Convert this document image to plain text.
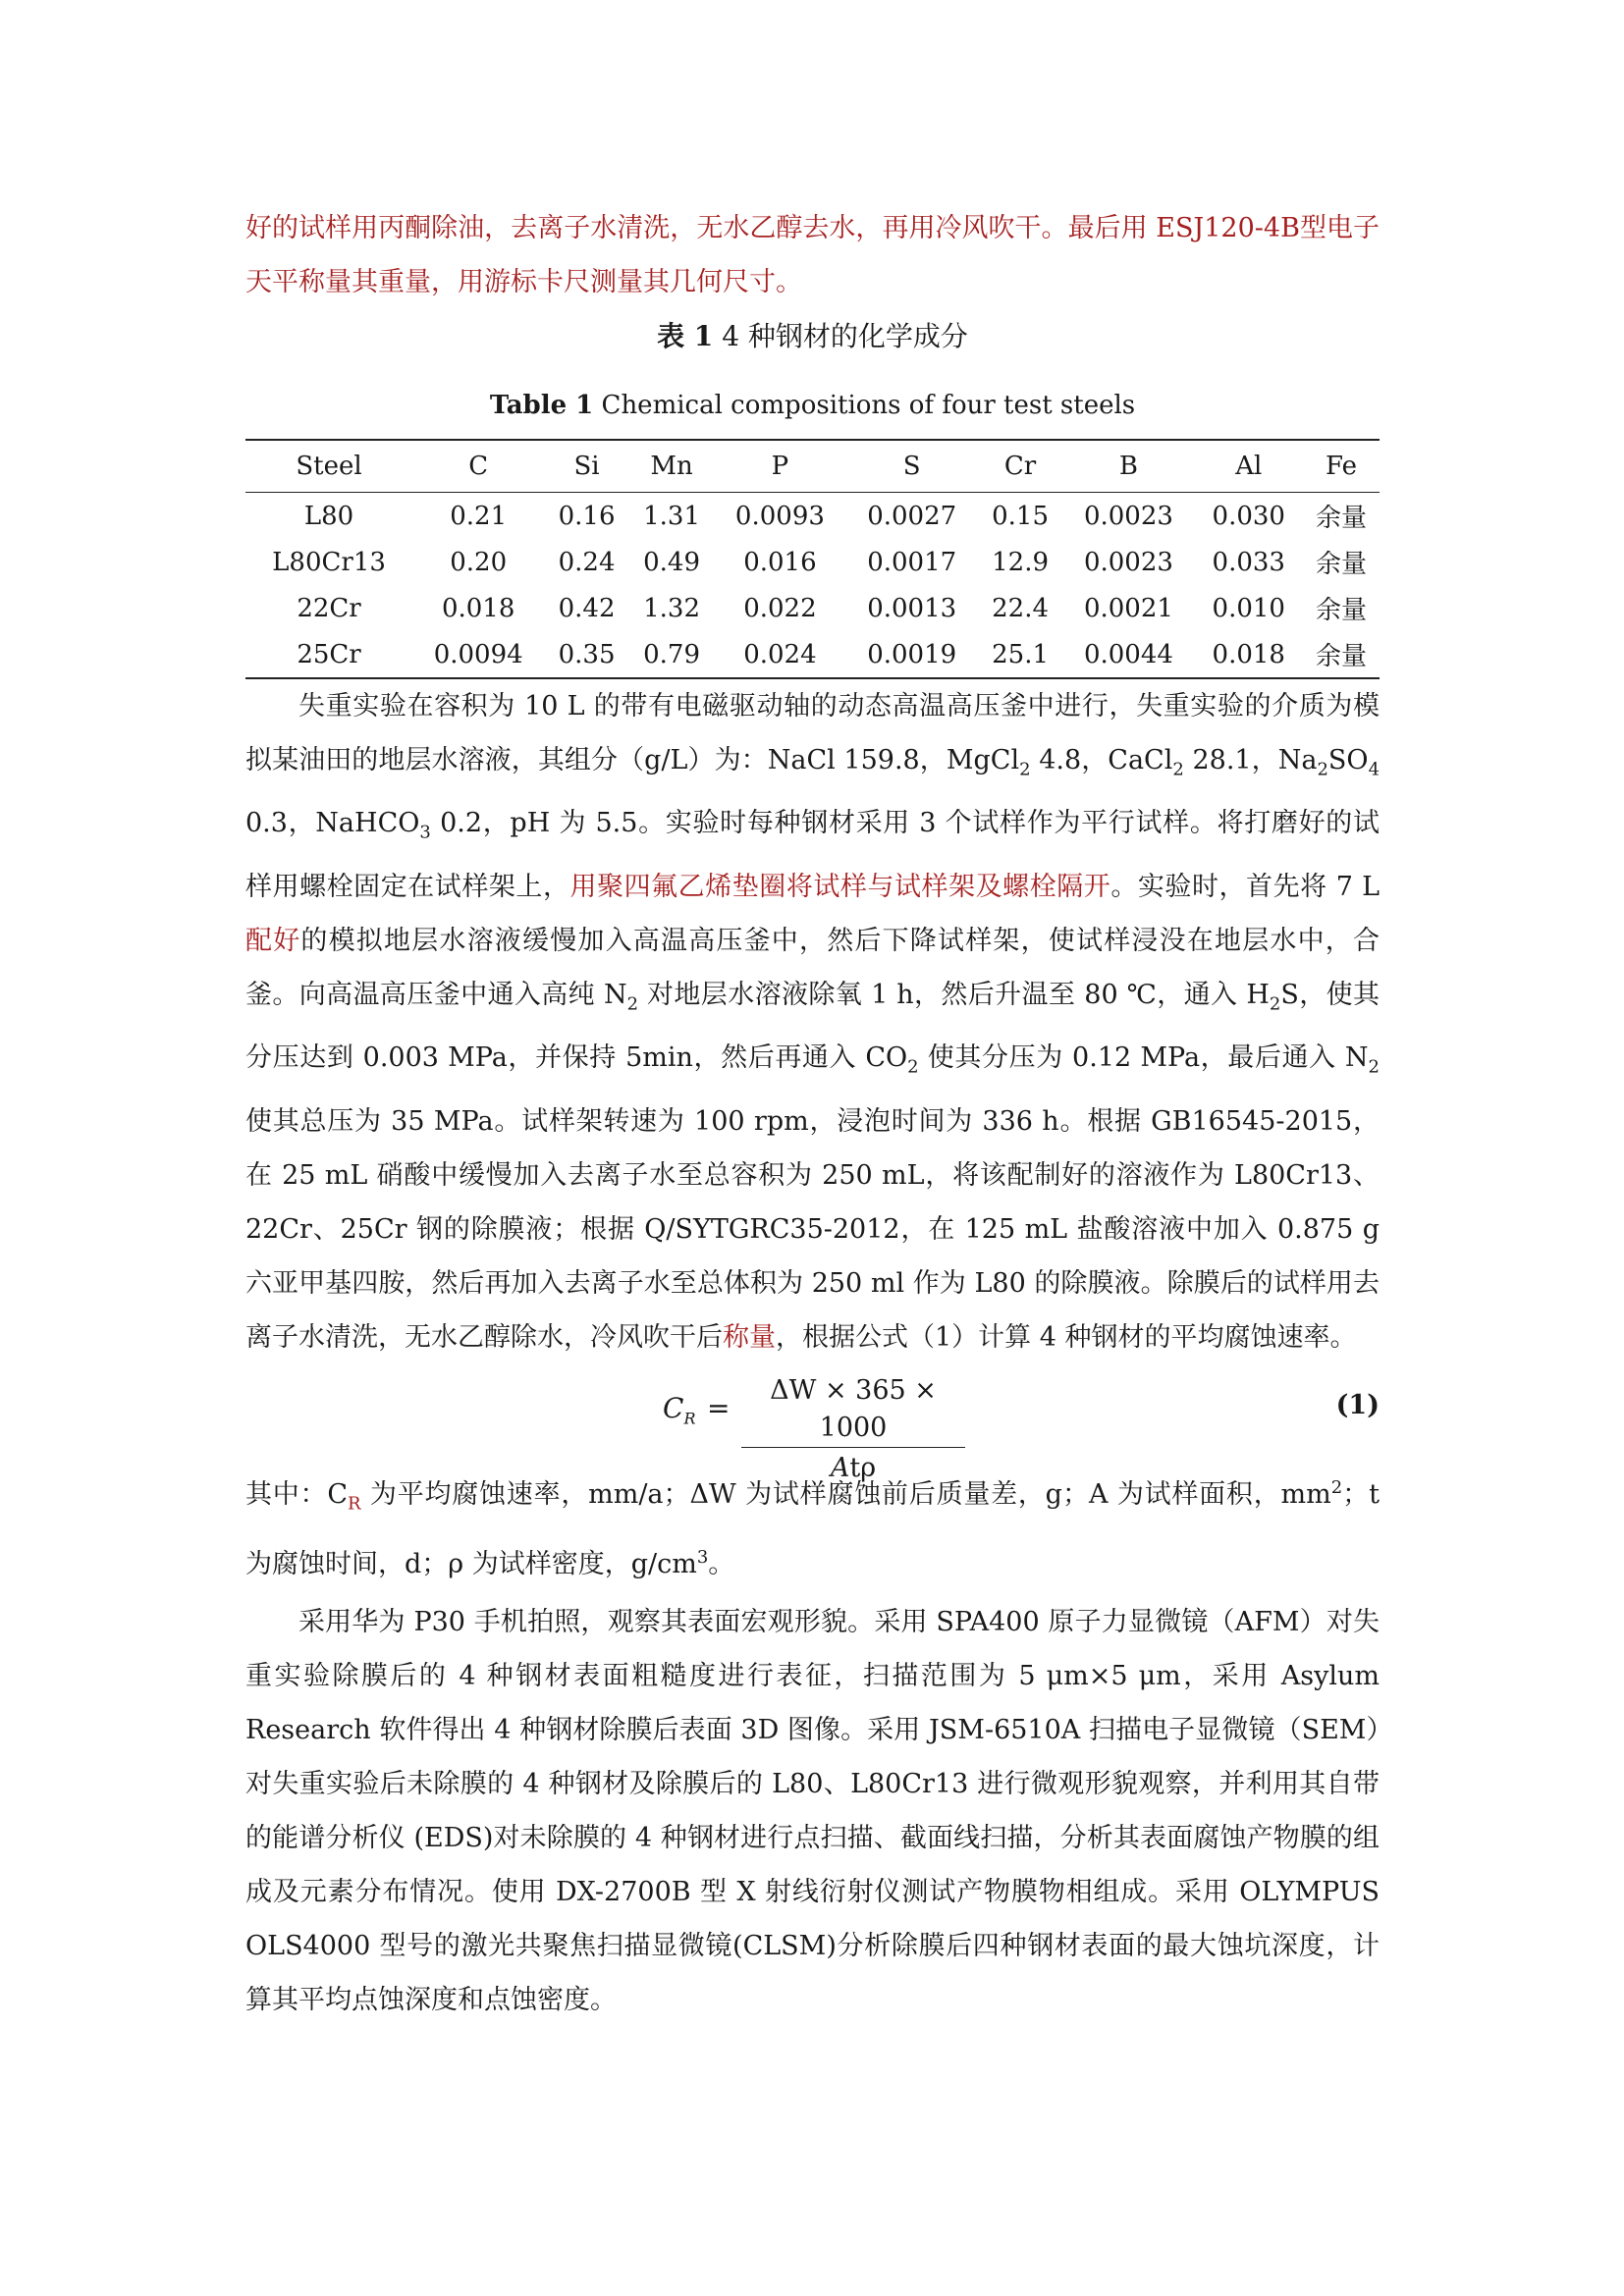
好的试样用丙酮除油，去离子水清洗，无水乙醇去水，再用冷风吹干。最后用 ESJ120-4B型电子天平称量其重量，用游标卡尺测量其几何尺寸。

表 1 4 种钢材的化学成分
Table 1 Chemical compositions of four test steels
Steel	C	Si	Mn	P	S	Cr	B	Al	Fe
L80	0.21	0.16	1.31	0.0093	0.0027	0.15	0.0023	0.030	余量
L80Cr13	0.20	0.24	0.49	0.016	0.0017	12.9	0.0023	0.033	余量
22Cr	0.018	0.42	1.32	0.022	0.0013	22.4	0.0021	0.010	余量
25Cr	0.0094	0.35	0.79	0.024	0.0019	25.1	0.0044	0.018	余量

失重实验在容积为 10 L 的带有电磁驱动轴的动态高温高压釜中进行，失重实验的介质为模拟某油田的地层水溶液，其组分（g/L）为：NaCl 159.8，MgCl$_2$ 4.8，CaCl$_2$ 28.1，$Na_2SO_4$ 0.3，NaHCO$_3$ 0.2，pH 为 5.5。实验时每种钢材采用 3 个试样作为平行试样。将打磨好的试样用螺栓固定在试样架上，用聚四氟乙烯垫圈将试样与试样架及螺栓隔开。实验时，首先将 7 L 配好的模拟地层水溶液缓慢加入高温高压釜中，然后下降试样架，使试样浸没在地层水中，合釜。向高温高压釜中通入高纯 $N_2$ 对地层水溶液除氧 1 h，然后升温至 80 ℃，通入 $H_2S$，使其分压达到 0.003 MPa，并保持 5min，然后再通入 $CO_2$ 使其分压为 0.12 MPa，最后通入 $N_2$ 使其总压为 35 MPa。试样架转速为 100 rpm，浸泡时间为 336 h。根据 GB16545-2015，在 25 mL 硝酸中缓慢加入去离子水至总容积为 250 mL，将该配制好的溶液作为 L80Cr13、22Cr、25Cr 钢的除膜液；根据 Q/SYTGRC35-2012，在 125 mL 盐酸溶液中加入 0.875 g 六亚甲基四胺，然后再加入去离子水至总体积为 250 ml 作为 L80 的除膜液。除膜后的试样用去离子水清洗，无水乙醇除水，冷风吹干后称量，根据公式（1）计算 4 种钢材的平均腐蚀速率。

$C_R$ =
ΔW × 365 × 1000
Atρ
(1)

其中：$C_R$ 为平均腐蚀速率，mm/a；ΔW 为试样腐蚀前后质量差，g；A 为试样面积，$mm^2$；t 为腐蚀时间，d；ρ 为试样密度，$g/cm^3$。

采用华为 P30 手机拍照，观察其表面宏观形貌。采用 SPA400 原子力显微镜（AFM）对失重实验除膜后的 4 种钢材表面粗糙度进行表征，扫描范围为 5 μm×5 μm，采用 Asylum Research 软件得出 4 种钢材除膜后表面 3D 图像。采用 JSM-6510A 扫描电子显微镜（SEM）对失重实验后未除膜的 4 种钢材及除膜后的 L80、L80Cr13 进行微观形貌观察，并利用其自带的能谱分析仪 (EDS)对未除膜的 4 种钢材进行点扫描、截面线扫描，分析其表面腐蚀产物膜的组成及元素分布情况。使用 DX-2700B 型 X 射线衍射仪测试产物膜物相组成。采用 OLYMPUS OLS4000 型号的激光共聚焦扫描显微镜(CLSM)分析除膜后四种钢材表面的最大蚀坑深度，计算其平均点蚀深度和点蚀密度。
